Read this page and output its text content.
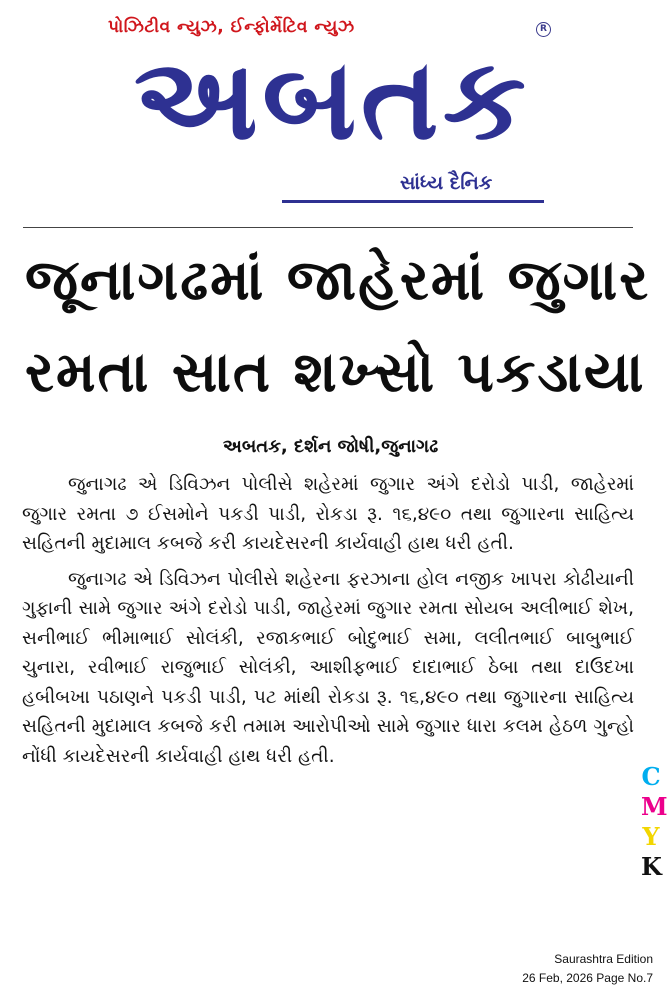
પોઝિટીવ ન્યુઝ, ઈન્ફોર્મેટિવ ન્યુઝ	R
અબતક
સાંધ્ય દૈનિક
જૂનાગઢમાં જાહેરમાં જુગાર
રમતા સાત શખ્સો પકડાયા
અબતક, દર્શન જોષી,જુનાગઢ

જુનાગઢ એ ડિવિઝન પોલીસે શહેરમાં જુગાર અંગે દરોડો પાડી, જાહેરમાં જુગાર રમતા ૭ ઈસમોને પકડી પાડી, રોકડા રૂ. ૧૬,૪૯૦ તથા જુગારના સાહિત્ય સહિતની મુદામાલ કબજે કરી કાયદેસરની કાર્યવાહી હાથ ધરી હતી.

જુનાગઢ એ ડિવિઝન પોલીસે શહેરના ફરઝાના હોલ નજીક ખાપરા કોઢીયાની ગુફાની સામે જુગાર અંગે દરોડો પાડી, જાહેરમાં જુગાર રમતા સોયબ અલીભાઈ શેખ, સનીભાઈ ભીમાભાઈ સોલંકી, રજાકભાઈ બોદુભાઈ સમા, લલીતભાઈ બાબુભાઈ ચુનારા, રવીભાઈ રાજુભાઈ સોલંકી, આશીફભાઈ દાદાભાઈ ઠેબા તથા દાઉદખા હબીબખા પઠાણને પકડી પાડી, પટ માંથી રોકડા રૂ. ૧૬,૪૯૦ તથા જુગારના સાહિત્ય સહિતની મુદામાલ કબજે કરી તમામ આરોપીઓ સામે જુગાર ધારા કલમ હેઠળ ગુન્હો નોંધી કાયદેસરની કાર્યવાહી હાથ ધરી હતી.

C
M
Y
K
Saurashtra Edition
26 Feb, 2026 Page No.7
